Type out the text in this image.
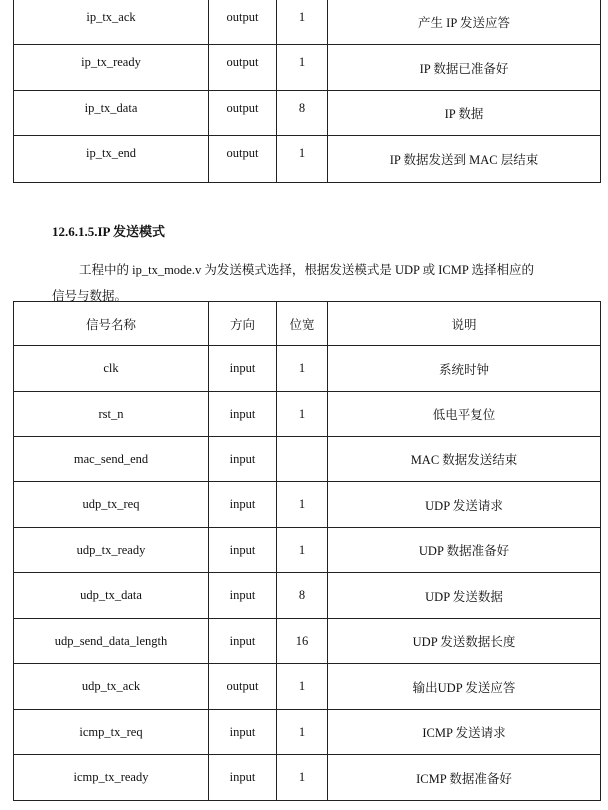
ip_tx_ack	output	1	产生 IP 发送应答
ip_tx_ready	output	1	IP 数据已准备好
ip_tx_data	output	8	IP 数据
ip_tx_end	output	1	IP 数据发送到 MAC 层结束
12.6.1.5.IP 发送模式
工程中的 ip_tx_mode.v 为发送模式选择，根据发送模式是 UDP 或 ICMP 选择相应的
信号与数据。
信号名称	方向	位宽	说明
clk	input	1	系统时钟
rst_n	input	1	低电平复位
mac_send_end	input		MAC 数据发送结束
udp_tx_req	input	1	UDP 发送请求
udp_tx_ready	input	1	UDP 数据准备好
udp_tx_data	input	8	UDP 发送数据
udp_send_data_length	input	16	UDP 发送数据长度
udp_tx_ack	output	1	输出UDP 发送应答
icmp_tx_req	input	1	ICMP 发送请求
icmp_tx_ready	input	1	ICMP 数据准备好
